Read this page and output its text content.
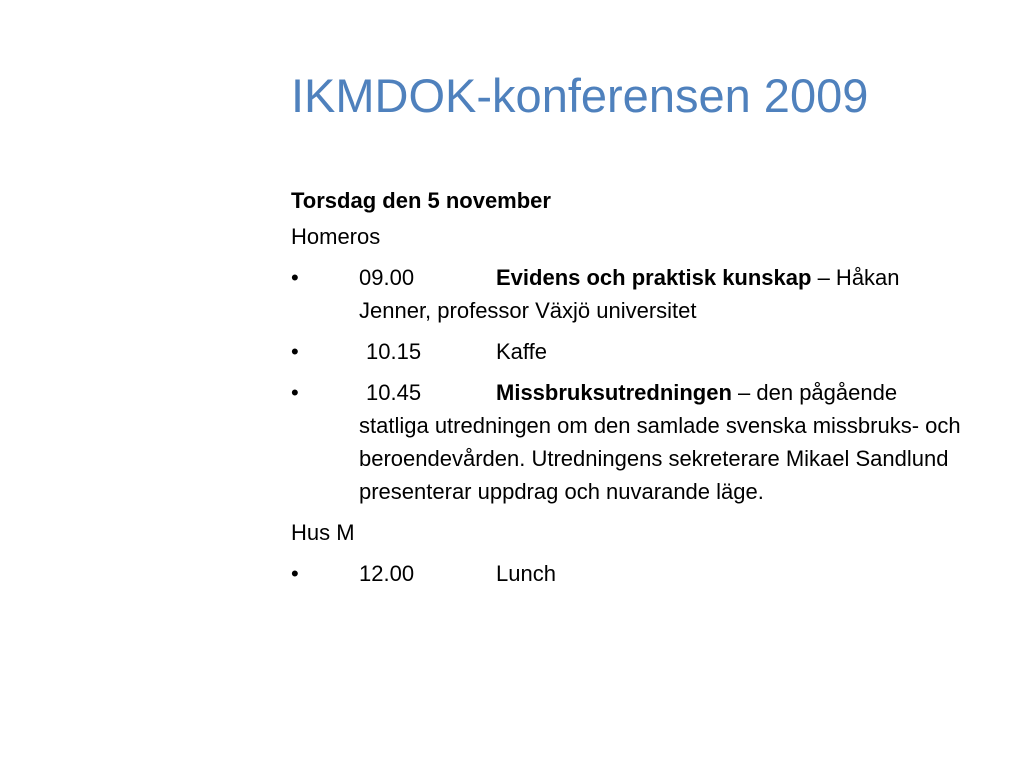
IKMDOK-konferensen 2009
Torsdag den 5 november
Homeros
•	09.00	Evidens och praktisk kunskap – Håkan Jenner, professor Växjö universitet
•	10.15	Kaffe
•	10.45	Missbruksutredningen – den pågående statliga utredningen om den samlade svenska missbruks- och beroendevården. Utredningens sekreterare Mikael Sandlund presenterar uppdrag och nuvarande läge.
Hus M
•	12.00	Lunch
